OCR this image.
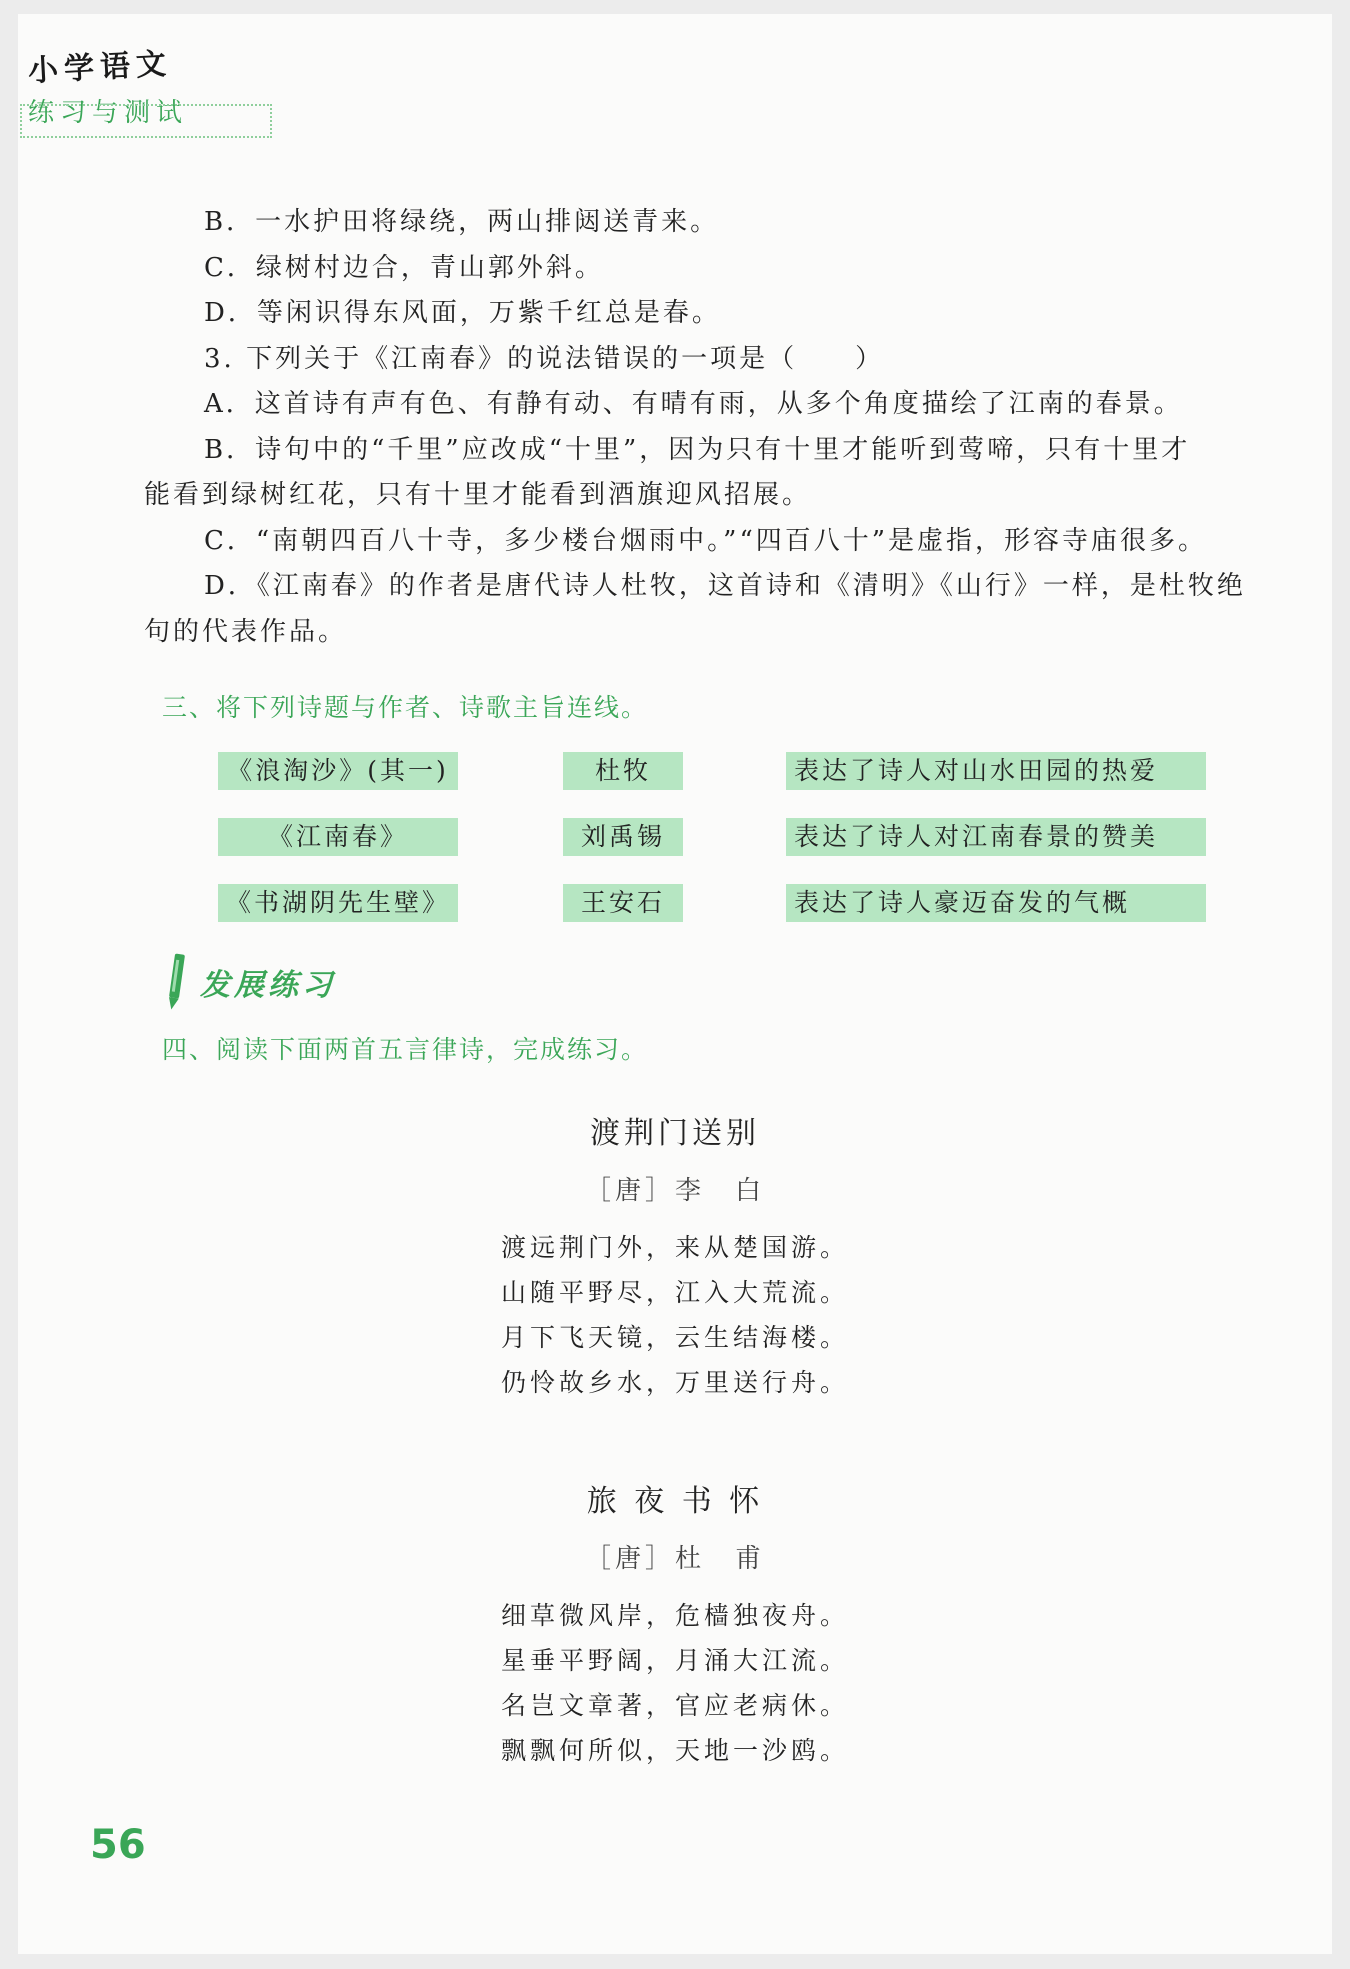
小学语文
练习与测试
B．一水护田将绿绕，两山排闼送青来。
C．绿树村边合，青山郭外斜。
D．等闲识得东风面，万紫千红总是春。
3. 下列关于《江南春》的说法错误的一项是（　　）
A．这首诗有声有色、有静有动、有晴有雨，从多个角度描绘了江南的春景。
B．诗句中的“千里”应改成“十里”，因为只有十里才能听到莺啼，只有十里才
能看到绿树红花，只有十里才能看到酒旗迎风招展。
C．“南朝四百八十寺，多少楼台烟雨中。”“四百八十”是虚指，形容寺庙很多。
D．《江南春》的作者是唐代诗人杜牧，这首诗和《清明》《山行》一样，是杜牧绝
句的代表作品。
三、将下列诗题与作者、诗歌主旨连线。
《浪淘沙》(其一)	杜牧	表达了诗人对山水田园的热爱
《江南春》	刘禹锡	表达了诗人对江南春景的赞美
《书湖阴先生壁》	王安石	表达了诗人豪迈奋发的气概
发展练习
四、阅读下面两首五言律诗，完成练习。
渡荆门送别
［唐］李　白
渡远荆门外，来从楚国游。
山随平野尽，江入大荒流。
月下飞天镜，云生结海楼。
仍怜故乡水，万里送行舟。
旅 夜 书 怀
［唐］杜　甫
细草微风岸，危樯独夜舟。
星垂平野阔，月涌大江流。
名岂文章著，官应老病休。
飘飘何所似，天地一沙鸥。
56
